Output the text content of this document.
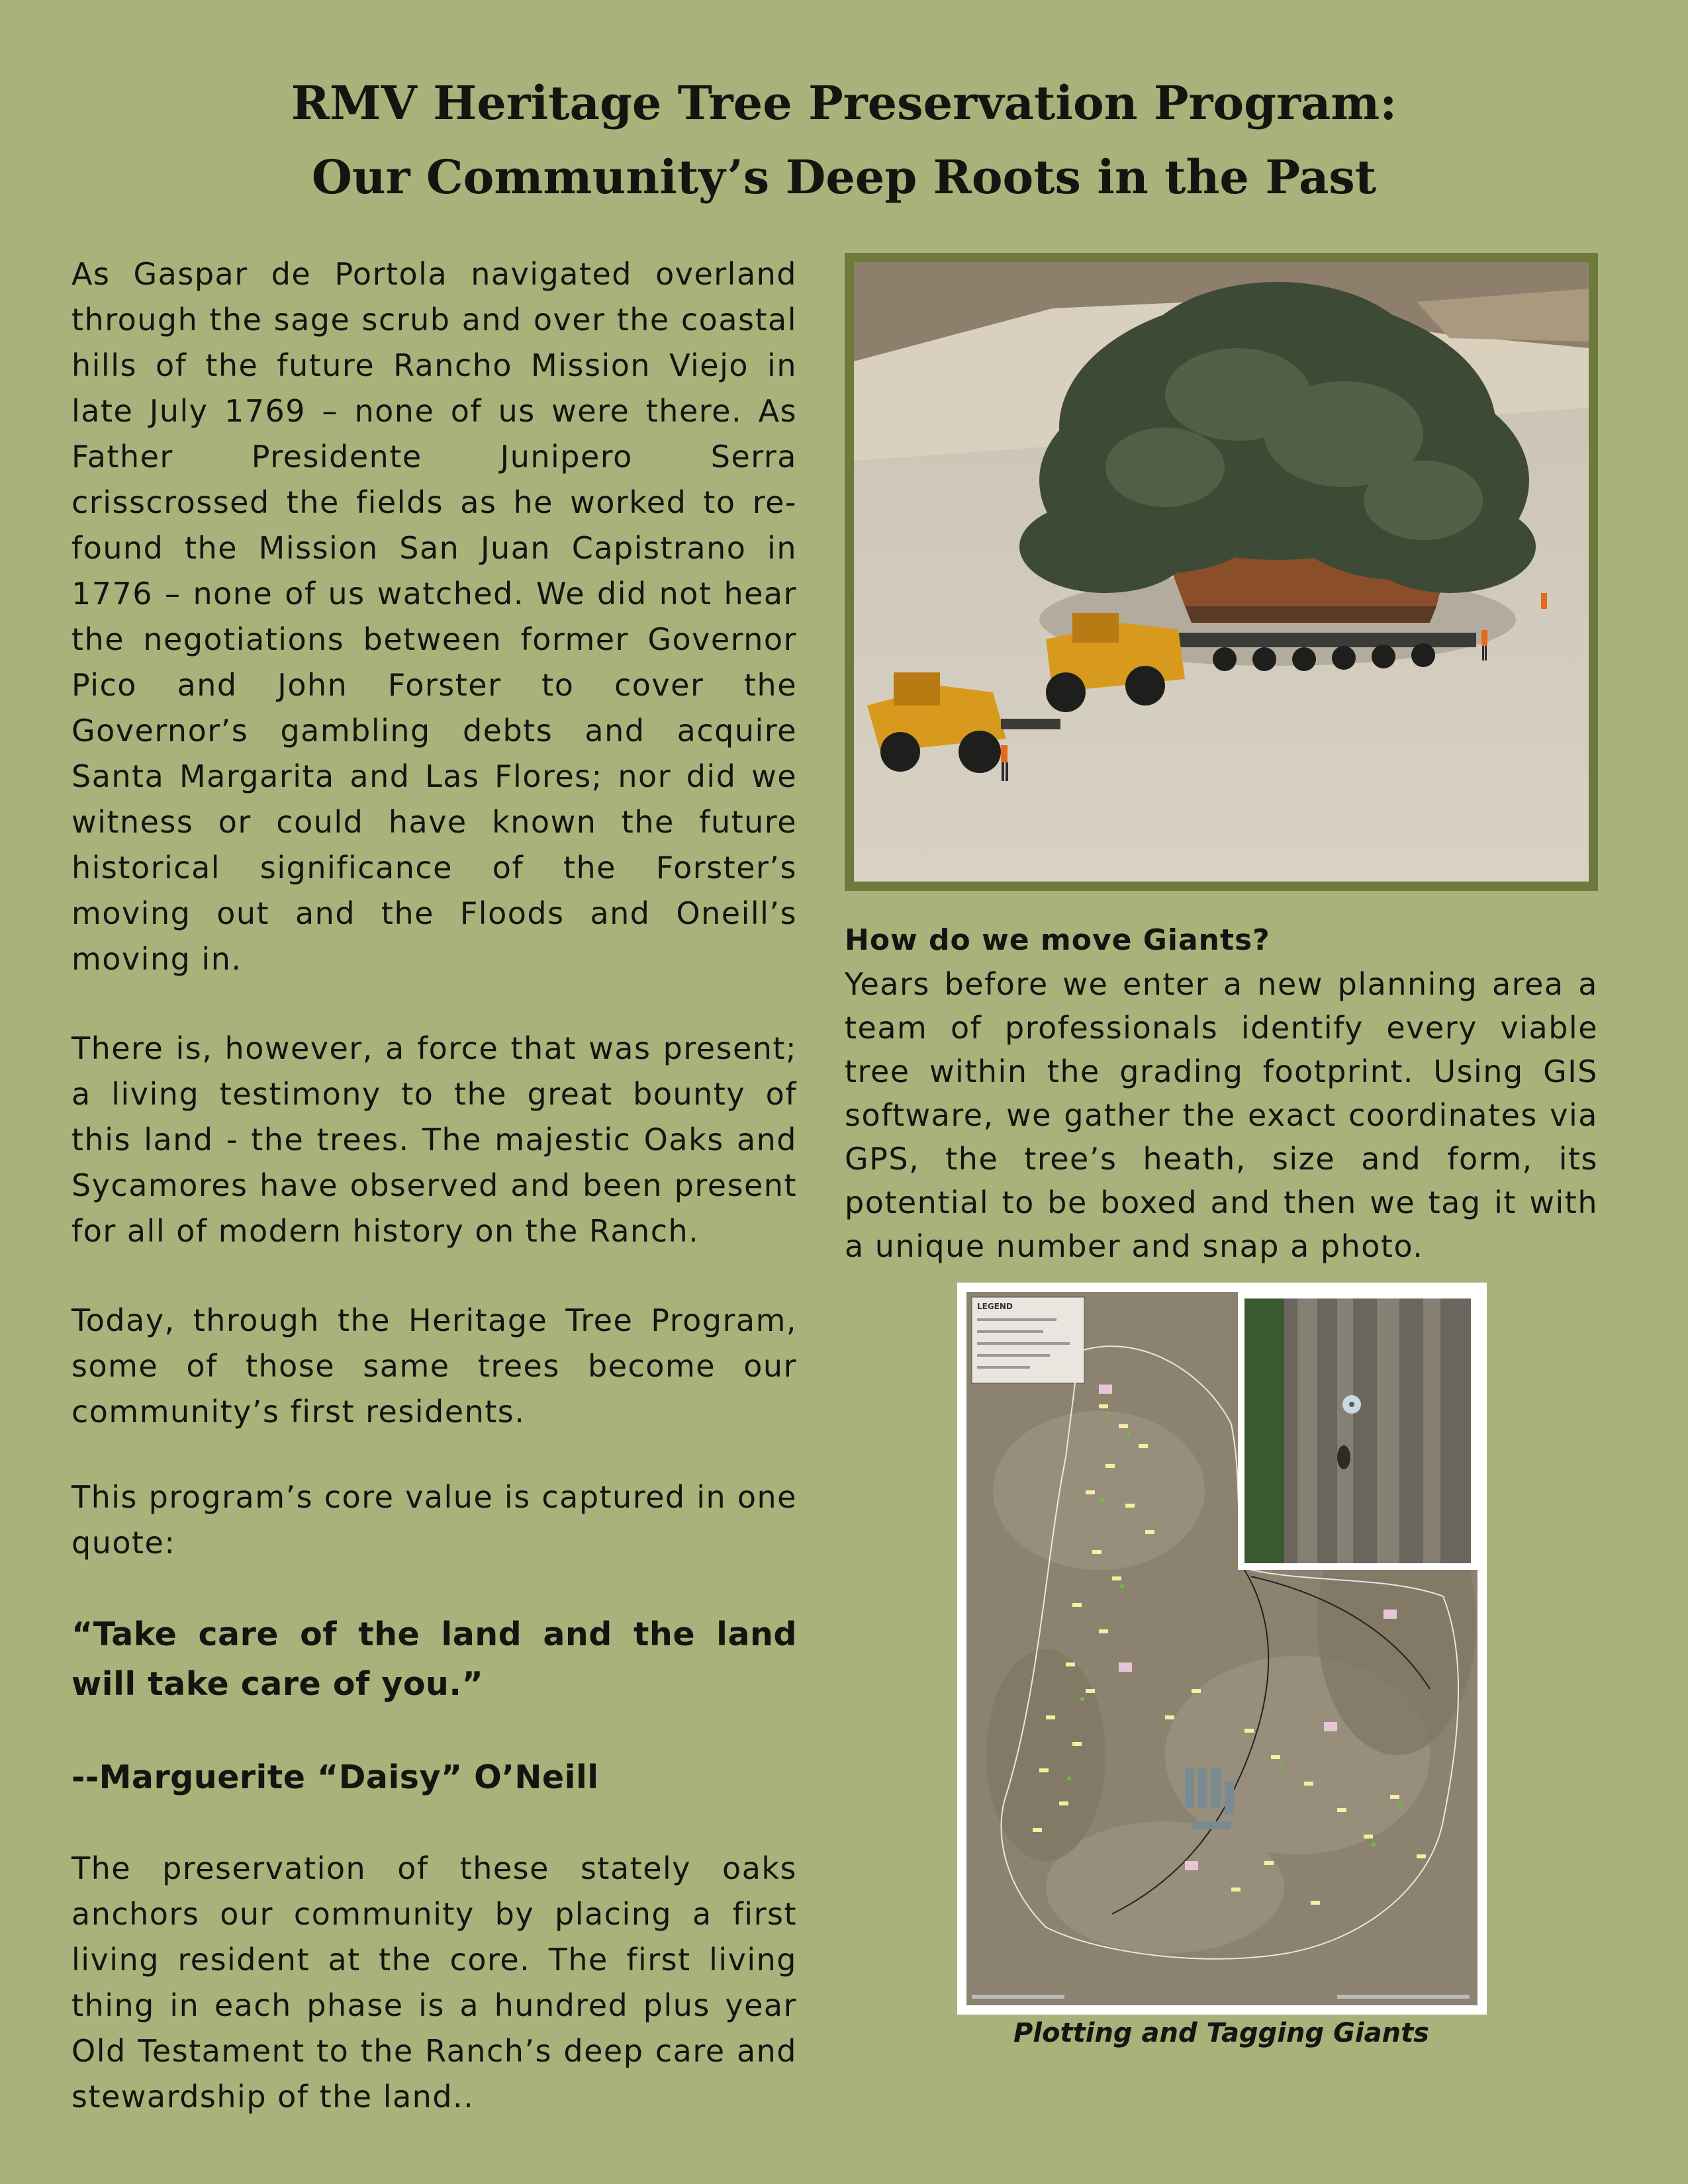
RMV Heritage Tree Preservation Program:
Our Community’s Deep Roots in the Past

As Gaspar de Portola navigated overland through the sage scrub and over the coastal hills of the future Rancho Mission Viejo in late July 1769 – none of us were there. As Father Presidente Junipero Serra crisscrossed the fields as he worked to re-found the Mission San Juan Capistrano in 1776 – none of us watched. We did not hear the negotiations between former Governor Pico and John Forster to cover the Governor’s gambling debts and acquire Santa Margarita and Las Flores; nor did we witness or could have known the future historical significance of the Forster’s moving out and the Floods and Oneill’s moving in.

There is, however, a force that was present; a living testimony to the great bounty of this land - the trees. The majestic Oaks and Sycamores have observed and been present for all of modern history on the Ranch.

Today, through the Heritage Tree Program, some of those same trees become our community’s first residents.

This program’s core value is captured in one quote:

“Take care of the land and the land will take care of you.”

--Marguerite “Daisy” O’Neill

The preservation of these stately oaks anchors our community by placing a first living resident at the core. The first living thing in each phase is a hundred plus year Old Testament to the Ranch’s deep care and stewardship of the land..

How do we move Giants?

Years before we enter a new planning area a team of professionals identify every viable tree within the grading footprint. Using GIS software, we gather the exact coordinates via GPS, the tree’s heath, size and form, its potential to be boxed and then we tag it with a unique number and snap a photo.

LEGEND
Plotting and Tagging Giants
